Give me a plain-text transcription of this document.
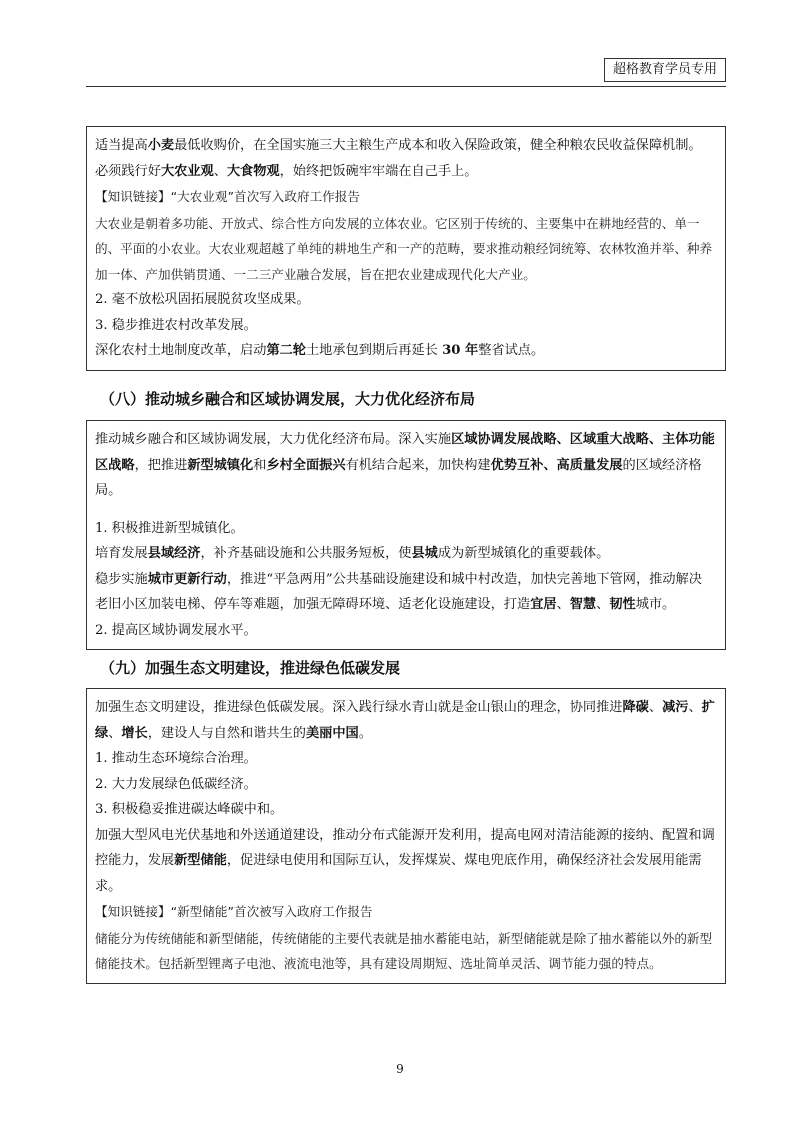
超格教育学员专用

适当提高小麦最低收购价，在全国实施三大主粮生产成本和收入保险政策，健全种粮农民收益保障机制。

必须践行好大农业观、大食物观，始终把饭碗牢牢端在自己手上。

【知识链接】“大农业观”首次写入政府工作报告

大农业是朝着多功能、开放式、综合性方向发展的立体农业。它区别于传统的、主要集中在耕地经营的、单一的、平面的小农业。大农业观超越了单纯的耕地生产和一产的范畴，要求推动粮经饲统筹、农林牧渔并举、种养加一体、产加供销贯通、一二三产业融合发展，旨在把农业建成现代化大产业。

2. 毫不放松巩固拓展脱贫攻坚成果。

3. 稳步推进农村改革发展。

深化农村土地制度改革，启动第二轮土地承包到期后再延长 30 年整省试点。

（八）推动城乡融合和区域协调发展，大力优化经济布局

推动城乡融合和区域协调发展，大力优化经济布局。深入实施区域协调发展战略、区域重大战略、主体功能区战略，把推进新型城镇化和乡村全面振兴有机结合起来，加快构建优势互补、高质量发展的区域经济格局。

1. 积极推进新型城镇化。

培育发展县域经济，补齐基础设施和公共服务短板，使县城成为新型城镇化的重要载体。

稳步实施城市更新行动，推进“平急两用”公共基础设施建设和城中村改造，加快完善地下管网，推动解决老旧小区加装电梯、停车等难题，加强无障碍环境、适老化设施建设，打造宜居、智慧、韧性城市。

2. 提高区域协调发展水平。

（九）加强生态文明建设，推进绿色低碳发展

加强生态文明建设，推进绿色低碳发展。深入践行绿水青山就是金山银山的理念，协同推进降碳、减污、扩绿、增长，建设人与自然和谐共生的美丽中国。

1. 推动生态环境综合治理。

2. 大力发展绿色低碳经济。

3. 积极稳妥推进碳达峰碳中和。

加强大型风电光伏基地和外送通道建设，推动分布式能源开发利用，提高电网对清洁能源的接纳、配置和调控能力，发展新型储能，促进绿电使用和国际互认，发挥煤炭、煤电兜底作用，确保经济社会发展用能需求。

【知识链接】“新型储能”首次被写入政府工作报告

储能分为传统储能和新型储能，传统储能的主要代表就是抽水蓄能电站，新型储能就是除了抽水蓄能以外的新型储能技术。包括新型锂离子电池、液流电池等，具有建设周期短、选址简单灵活、调节能力强的特点。

9
